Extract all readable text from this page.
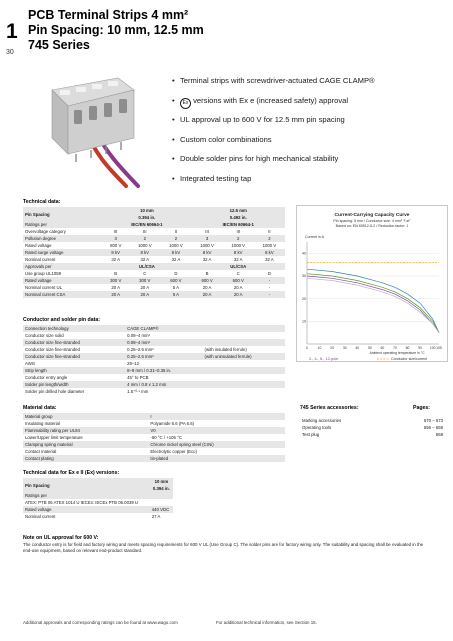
1
30
PCB Terminal Strips 4 mm²
Pin Spacing: 10 mm, 12.5 mm
745 Series
• Terminal strips with screwdriver-actuated CAGE CLAMP®
• Ex versions with Ex e (increased safety) approval
• UL approval up to 600 V for 12.5 mm pin spacing
• Custom color combinations
• Double solder pins for high mechanical stability
• Integrated testing tap
Technical data:
Pin Spacing	10 mm			12.5 mm		
	0.394 in.			0.492 in.		
Ratings per	IEC/EN 60664-1			IEC/EN 60664-1		
Overvoltage category	III	III	II	III	III	II
Pollution degree	3	2	2	3	2	2
Rated voltage	800 V	1000 V	1000 V	1000 V	1000 V	1000 V
Rated surge voltage	8 kV	8 kV	8 kV	8 kV	8 kV	8 kV
Nominal current	32 A	32 A	32 A	32 A	32 A	32 A
Approvals per	UL/CSA			UL/CSA		
Use group UL1059	B	C	D	B	C	D
Rated voltage	300 V	300 V	600 V	600 V	600 V	-
Nominal current UL	20 A	20 A	5 A	20 A	20 A	-
Nominal current CSA	20 A	20 A	5 A	20 A	20 A	-
Current-Carrying Capacity Curve
Pin spacing: 5 mm / Conductor size: 4 mm² "f-st"
Based on: EN 60512-5-2 / Reduction factor: 1
Current in A
10
20
30
40
0	10	20	30	40	50	60	70	80	90 100 105
Ambient operating temperature in °C
2-, 4-, 6-, 12-pole	Conductor size/current
Conductor and solder pin data:
Connection technology	CAGE CLAMP®	
Conductor size solid	0.08–4 mm²	
Conductor size fine-stranded	0.08–4 mm²	
Conductor size fine-stranded	0.25–2.5 mm²	(with insulated ferrule)
Conductor size fine-stranded	0.25–2.5 mm²	(with uninsulated ferrule)
AWG	28–12	
Strip length	8–9 mm / 0.31–0.35 in.	
Conductor entry angle	45° to PCB	
Solder pin length/width	4 mm / 0.8 x 1.2 mm	
Solder pin drilled hole diameter	1.5⁺⁰·¹ mm	
Material data:
Material group	I
Insulating material	Polyamide 6.6 (PA 6.6)
Flammability rating per UL94	V0
Lower/Upper limit temperature	-60 °C / +105 °C
Clamping spring material	Chrome nickel spring steel (CrNi)
Contact material	Electrolytic copper (Eᴄᴜ)
Contact plating	tin-plated
745 Series accessories:	Pages:
Marking accessories	570 – 573
Operating tools	556 – 559
Test plug	568
Technical data for Ex e II (Ex) versions:
Pin Spacing	10 mm
	0.394 in.
Ratings per	
ATEX: PTB 06 ATEX 1014 U IECEx: IECEx PTB 06.0039 U	
Rated voltage	440 VDC
Nominal current	27 A
Note on UL approval for 600 V:
The conductor entry is for field and factory wiring and meets spacing requirements for 600 V UL (Use Group C). The solder pins are for factory wiring only. The suitability and spacing shall be evaluated in the end-use equipment, based on relevant end-product standard.
Additional approvals and corresponding ratings can be found at www.wago.com	For additional technical information, see Section 15.
